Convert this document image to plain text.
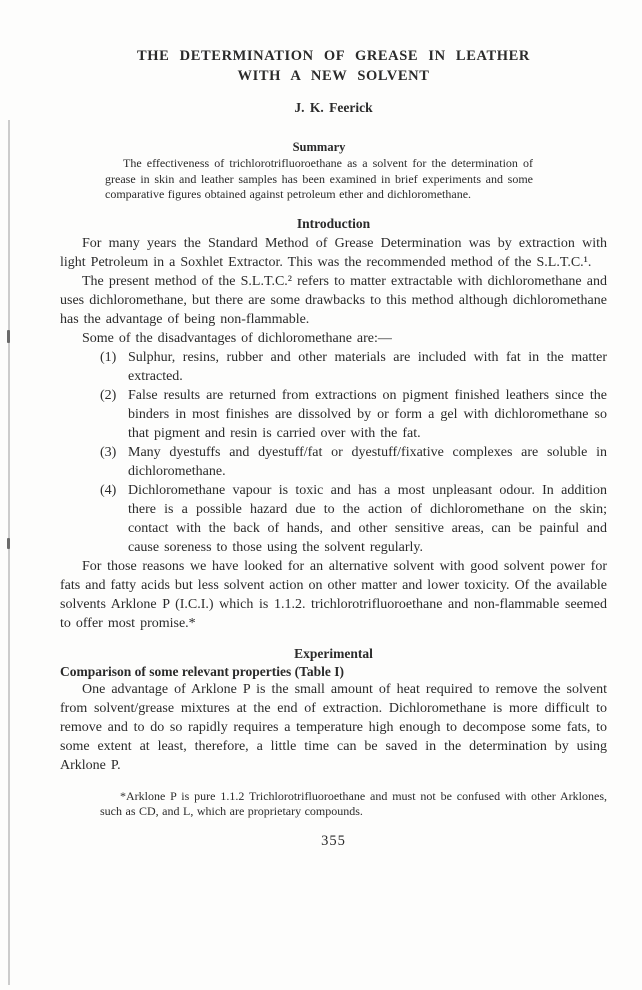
THE DETERMINATION OF GREASE IN LEATHER
WITH A NEW SOLVENT
J. K. Feerick
Summary

The effectiveness of trichlorotrifluoroethane as a solvent for the determination of grease in skin and leather samples has been examined in brief experiments and some comparative figures obtained against petroleum ether and dichloromethane.

Introduction

For many years the Standard Method of Grease Determination was by extraction with light Petroleum in a Soxhlet Extractor. This was the recommended method of the S.L.T.C.¹.

The present method of the S.L.T.C.² refers to matter extractable with dichloromethane and uses dichloromethane, but there are some drawbacks to this method although dichloromethane has the advantage of being non-flammable.

Some of the disadvantages of dichloromethane are:—

(1) Sulphur, resins, rubber and other materials are included with fat in the matter extracted.
(2) False results are returned from extractions on pigment finished leathers since the binders in most finishes are dissolved by or form a gel with dichloromethane so that pigment and resin is carried over with the fat.
(3) Many dyestuffs and dyestuff/fat or dyestuff/fixative complexes are soluble in dichloromethane.
(4) Dichloromethane vapour is toxic and has a most unpleasant odour. In addition there is a possible hazard due to the action of dichloromethane on the skin; contact with the back of hands, and other sensitive areas, can be painful and cause soreness to those using the solvent regularly.

For those reasons we have looked for an alternative solvent with good solvent power for fats and fatty acids but less solvent action on other matter and lower toxicity. Of the available solvents Arklone P (I.C.I.) which is 1.1.2. trichlorotrifluoroethane and non-flammable seemed to offer most promise.*

Experimental
Comparison of some relevant properties (Table I)

One advantage of Arklone P is the small amount of heat required to remove the solvent from solvent/grease mixtures at the end of extraction. Dichloromethane is more difficult to remove and to do so rapidly requires a temperature high enough to decompose some fats, to some extent at least, therefore, a little time can be saved in the determination by using Arklone P.

*Arklone P is pure 1.1.2 Trichlorotrifluoroethane and must not be confused with other Arklones, such as CD, and L, which are proprietary compounds.

355
